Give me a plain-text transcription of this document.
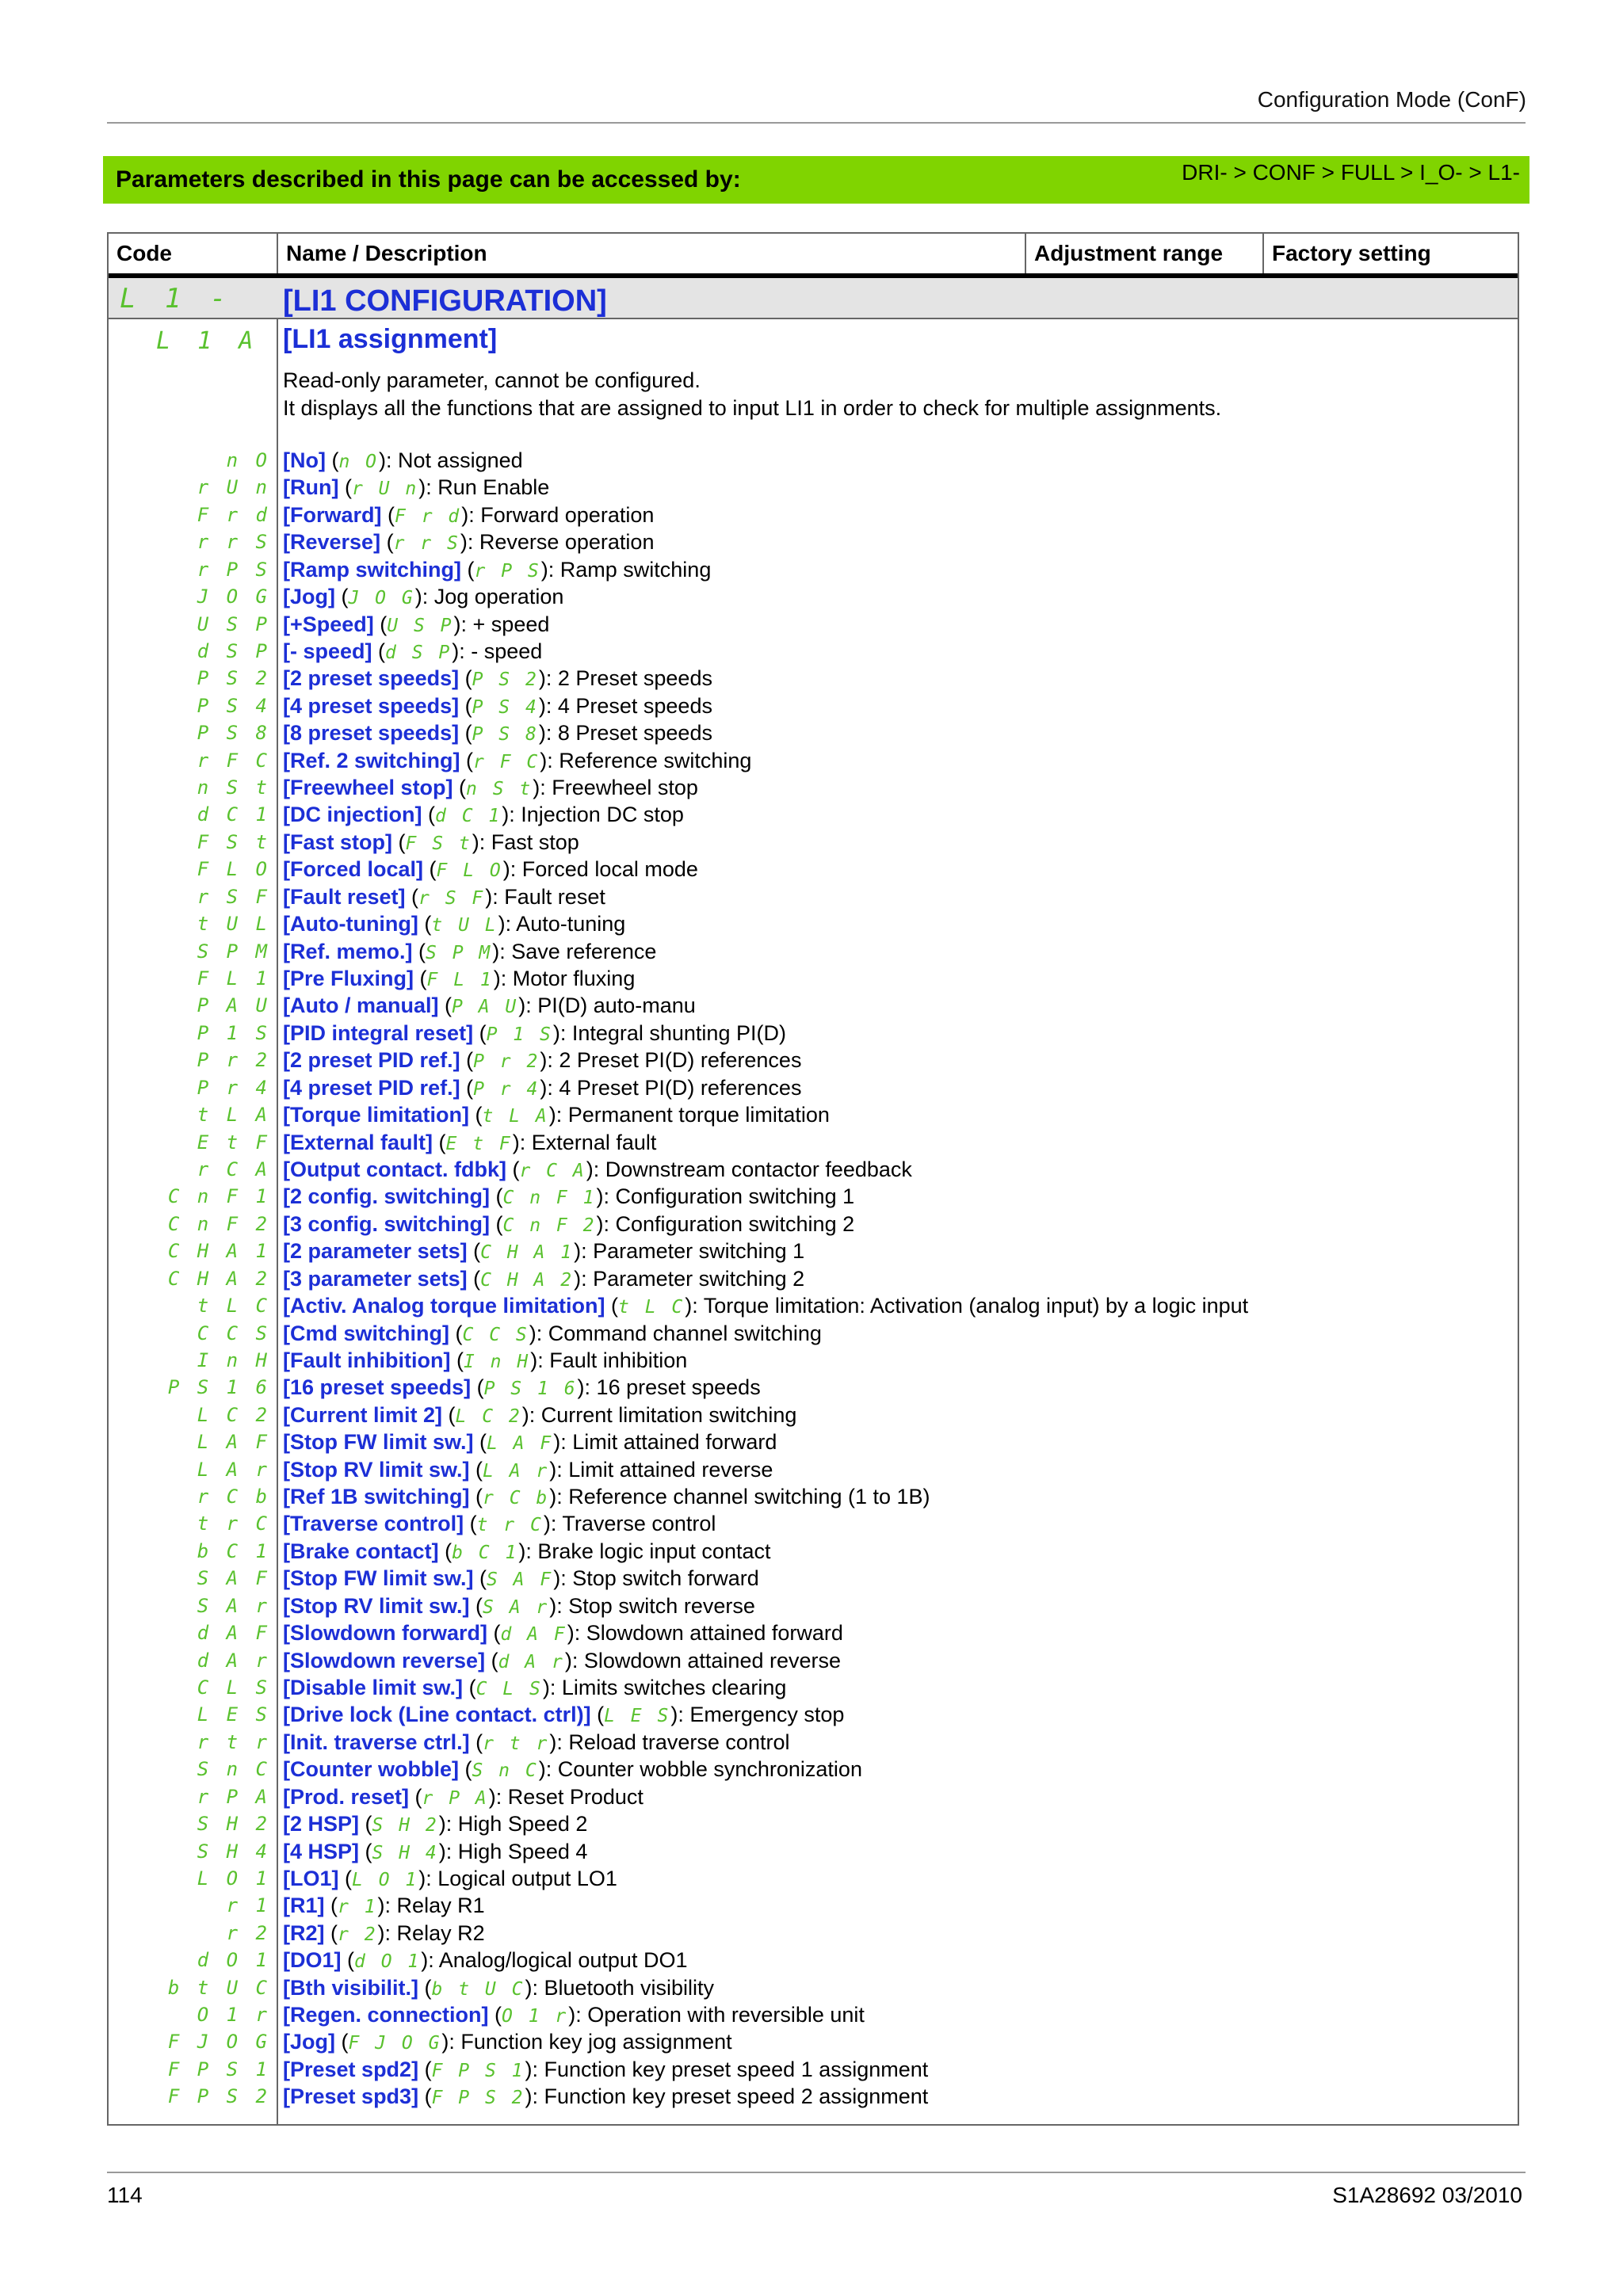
Configuration Mode (ConF)
Parameters described in this page can be accessed by:	DRI- > CONF > FULL > I_O- > L1-
Code	Name / Description	Adjustment range	Factory setting
L 1 - [LI1 CONFIGURATION]
L 1 A [LI1 assignment]
Read-only parameter, cannot be configured.
It displays all the functions that are assigned to input LI1 in order to check for multiple assignments.
n O [No] (n O): Not assigned
r U n [Run] (r U n): Run Enable
F r d [Forward] (F r d): Forward operation
r r S [Reverse] (r r S): Reverse operation
r P S [Ramp switching] (r P S): Ramp switching
J O G [Jog] (J O G): Jog operation
U S P [+Speed] (U S P): + speed
d S P [- speed] (d S P): - speed
P S 2 [2 preset speeds] (P S 2): 2 Preset speeds
P S 4 [4 preset speeds] (P S 4): 4 Preset speeds
P S 8 [8 preset speeds] (P S 8): 8 Preset speeds
r F C [Ref. 2 switching] (r F C): Reference switching
n S t [Freewheel stop] (n S t): Freewheel stop
d C 1 [DC injection] (d C 1): Injection DC stop
F S t [Fast stop] (F S t): Fast stop
F L O [Forced local] (F L O): Forced local mode
r S F [Fault reset] (r S F): Fault reset
t U L [Auto-tuning] (t U L): Auto-tuning
S P M [Ref. memo.] (S P M): Save reference
F L 1 [Pre Fluxing] (F L 1): Motor fluxing
P A U [Auto / manual] (P A U): PI(D) auto-manu
P 1 S [PID integral reset] (P 1 S): Integral shunting PI(D)
P r 2 [2 preset PID ref.] (P r 2): 2 Preset PI(D) references
P r 4 [4 preset PID ref.] (P r 4): 4 Preset PI(D) references
t L A [Torque limitation] (t L A): Permanent torque limitation
E t F [External fault] (E t F): External fault
r C A [Output contact. fdbk] (r C A): Downstream contactor feedback
C n F 1 [2 config. switching] (C n F 1): Configuration switching 1
C n F 2 [3 config. switching] (C n F 2): Configuration switching 2
C H A 1 [2 parameter sets] (C H A 1): Parameter switching 1
C H A 2 [3 parameter sets] (C H A 2): Parameter switching 2
t L C [Activ. Analog torque limitation] (t L C): Torque limitation: Activation (analog input) by a logic input
C C S [Cmd switching] (C C S): Command channel switching
I n H [Fault inhibition] (I n H): Fault inhibition
P S 1 6 [16 preset speeds] (P S 1 6): 16 preset speeds
L C 2 [Current limit 2] (L C 2): Current limitation switching
L A F [Stop FW limit sw.] (L A F): Limit attained forward
L A r [Stop RV limit sw.] (L A r): Limit attained reverse
r C b [Ref 1B switching] (r C b): Reference channel switching (1 to 1B)
t r C [Traverse control] (t r C): Traverse control
b C 1 [Brake contact] (b C 1): Brake logic input contact
S A F [Stop FW limit sw.] (S A F): Stop switch forward
S A r [Stop RV limit sw.] (S A r): Stop switch reverse
d A F [Slowdown forward] (d A F): Slowdown attained forward
d A r [Slowdown reverse] (d A r): Slowdown attained reverse
C L S [Disable limit sw.] (C L S): Limits switches clearing
L E S [Drive lock (Line contact. ctrl)] (L E S): Emergency stop
r t r [Init. traverse ctrl.] (r t r): Reload traverse control
S n C [Counter wobble] (S n C): Counter wobble synchronization
r P A [Prod. reset] (r P A): Reset Product
S H 2 [2 HSP] (S H 2): High Speed 2
S H 4 [4 HSP] (S H 4): High Speed 4
L O 1 [LO1] (L O 1): Logical output LO1
r 1 [R1] (r 1): Relay R1
r 2 [R2] (r 2): Relay R2
d O 1 [DO1] (d O 1): Analog/logical output DO1
b t U C [Bth visibilit.] (b t U C): Bluetooth visibility
O 1 r [Regen. connection] (O 1 r): Operation with reversible unit
F J O G [Jog] (F J O G): Function key jog assignment
F P S 1 [Preset spd2] (F P S 1): Function key preset speed 1 assignment
F P S 2 [Preset spd3] (F P S 2): Function key preset speed 2 assignment
114	S1A28692 03/2010
